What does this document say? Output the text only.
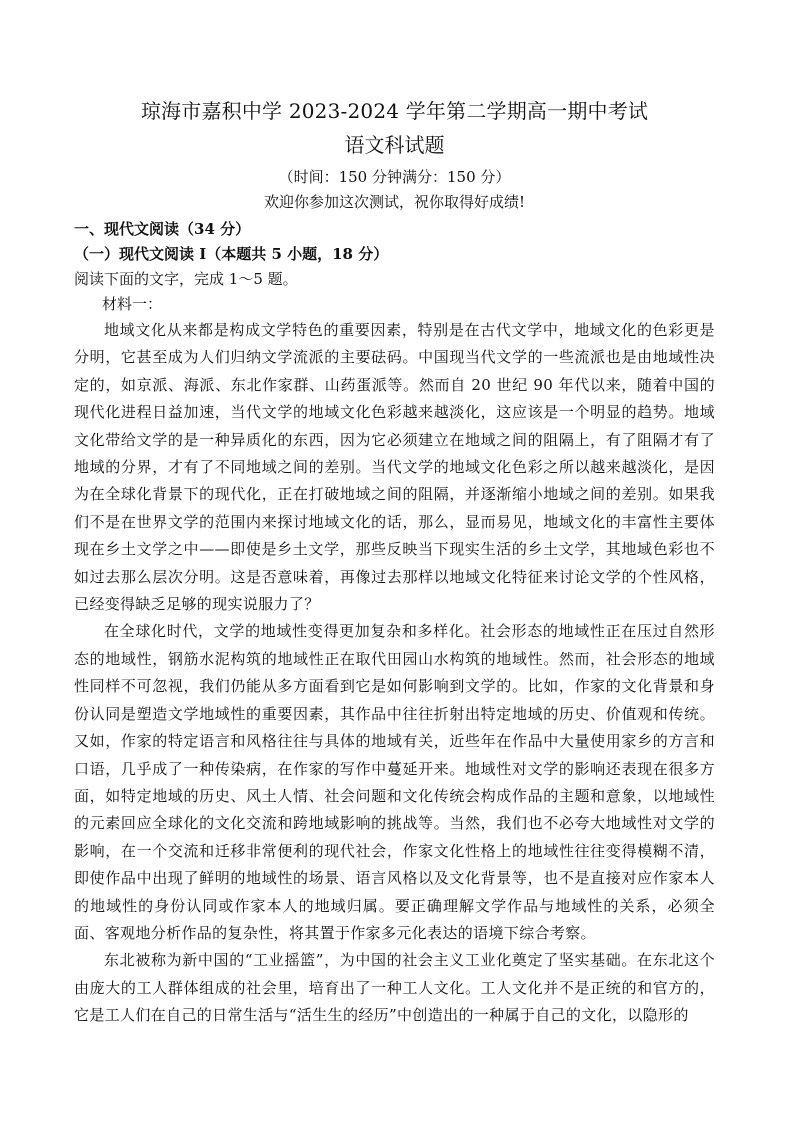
琼海市嘉积中学 2023-2024 学年第二学期高一期中考试
语文科试题
（时间：150 分钟满分：150 分）
欢迎你参加这次测试，祝你取得好成绩!
一、现代文阅读（34 分）
（一）现代文阅读 I（本题共 5 小题，18 分）
阅读下面的文字，完成 1～5 题。
材料一：

地域文化从来都是构成文学特色的重要因素，特别是在古代文学中，地域文化的色彩更是分明，它甚至成为人们归纳文学流派的主要砝码。中国现当代文学的一些流派也是由地域性决定的，如京派、海派、东北作家群、山药蛋派等。然而自 20 世纪 90 年代以来，随着中国的现代化进程日益加速，当代文学的地域文化色彩越来越淡化，这应该是一个明显的趋势。地域文化带给文学的是一种异质化的东西，因为它必须建立在地域之间的阻隔上，有了阻隔才有了地域的分界，才有了不同地域之间的差别。当代文学的地域文化色彩之所以越来越淡化，是因为在全球化背景下的现代化，正在打破地域之间的阻隔，并逐渐缩小地域之间的差别。如果我们不是在世界文学的范围内来探讨地域文化的话，那么，显而易见，地域文化的丰富性主要体现在乡土文学之中——即使是乡土文学，那些反映当下现实生活的乡土文学，其地域色彩也不如过去那么层次分明。这是否意味着，再像过去那样以地域文化特征来讨论文学的个性风格，已经变得缺乏足够的现实说服力了？

在全球化时代，文学的地域性变得更加复杂和多样化。社会形态的地域性正在压过自然形态的地域性，钢筋水泥构筑的地域性正在取代田园山水构筑的地域性。然而，社会形态的地域性同样不可忽视，我们仍能从多方面看到它是如何影响到文学的。比如，作家的文化背景和身份认同是塑造文学地域性的重要因素，其作品中往往折射出特定地域的历史、价值观和传统。又如，作家的特定语言和风格往往与具体的地域有关，近些年在作品中大量使用家乡的方言和口语，几乎成了一种传染病，在作家的写作中蔓延开来。地域性对文学的影响还表现在很多方面，如特定地域的历史、风土人情、社会问题和文化传统会构成作品的主题和意象，以地域性的元素回应全球化的文化交流和跨地域影响的挑战等。当然，我们也不必夸大地域性对文学的影响，在一个交流和迁移非常便利的现代社会，作家文化性格上的地域性往往变得模糊不清，即使作品中出现了鲜明的地域性的场景、语言风格以及文化背景等，也不是直接对应作家本人的地域性的身份认同或作家本人的地域归属。要正确理解文学作品与地域性的关系，必须全面、客观地分析作品的复杂性，将其置于作家多元化表达的语境下综合考察。

东北被称为新中国的“工业摇篮”，为中国的社会主义工业化奠定了坚实基础。在东北这个由庞大的工人群体组成的社会里，培育出了一种工人文化。工人文化并不是正统的和官方的，它是工人们在自己的日常生活与“活生生的经历”中创造出的一种属于自己的文化，以隐形的
